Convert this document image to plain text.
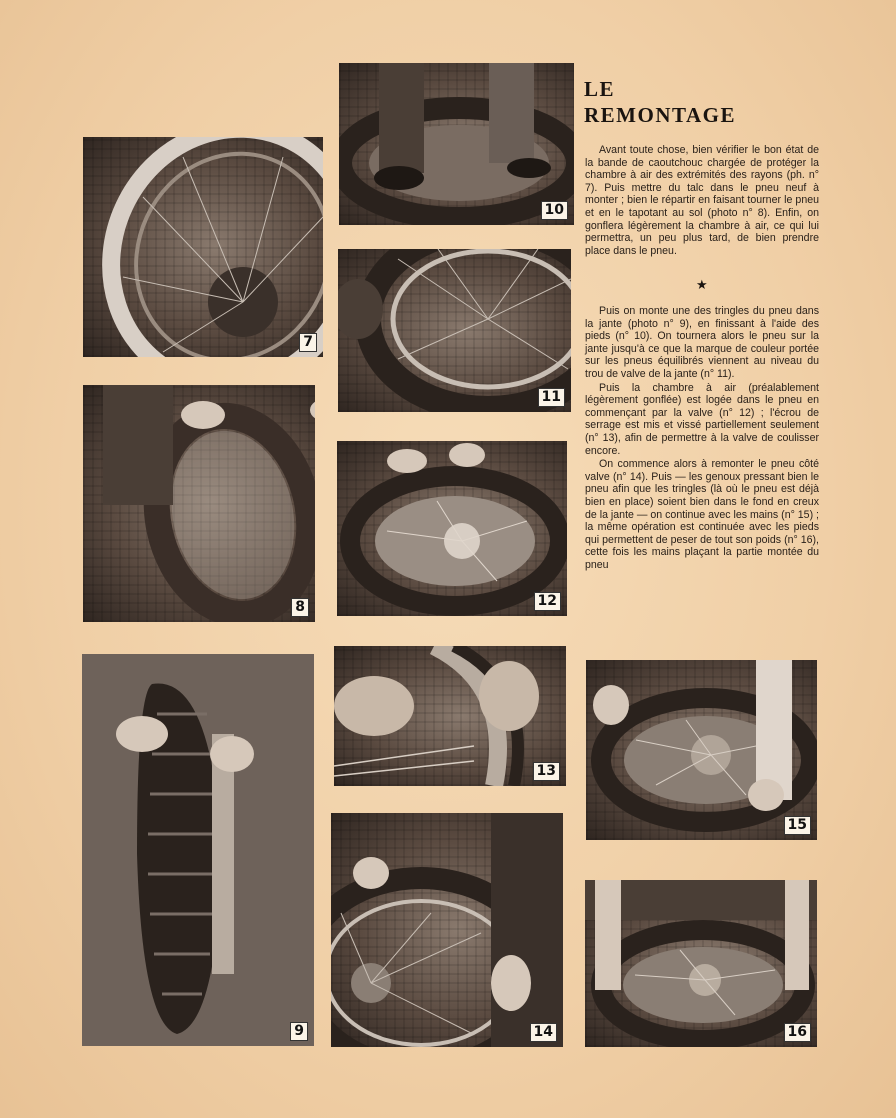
7
8
9
10
11
12
13
14
15
16
LE
REMONTAGE

Avant toute chose, bien vérifier le bon état de la bande de caoutchouc chargée de protéger la chambre à air des extrémités des rayons (ph. n° 7). Puis mettre du talc dans le pneu neuf à monter ; bien le répartir en faisant tourner le pneu et en le tapotant au sol (photo n° 8). Enfin, on gonflera légèrement la chambre à air, ce qui lui permettra, un peu plus tard, de bien prendre place dans le pneu.

★

Puis on monte une des tringles du pneu dans la jante (photo n° 9), en finissant à l'aide des pieds (n° 10). On tournera alors le pneu sur la jante jusqu'à ce que la marque de couleur portée sur les pneus équilibrés viennent au niveau du trou de valve de la jante (n° 11).

Puis la chambre à air (préalablement légèrement gonflée) est logée dans le pneu en commençant par la valve (n° 12) ; l'écrou de serrage est mis et vissé partiellement seulement (n° 13), afin de permettre à la valve de coulisser encore.

On commence alors à remonter le pneu côté valve (n° 14). Puis — les genoux pressant bien le pneu afin que les tringles (là où le pneu est déjà bien en place) soient bien dans le fond en creux de la jante — on continue avec les mains (n° 15) ; la même opération est continuée avec les pieds qui permettent de peser de tout son poids (n° 16), cette fois les mains plaçant la partie montée du pneu
